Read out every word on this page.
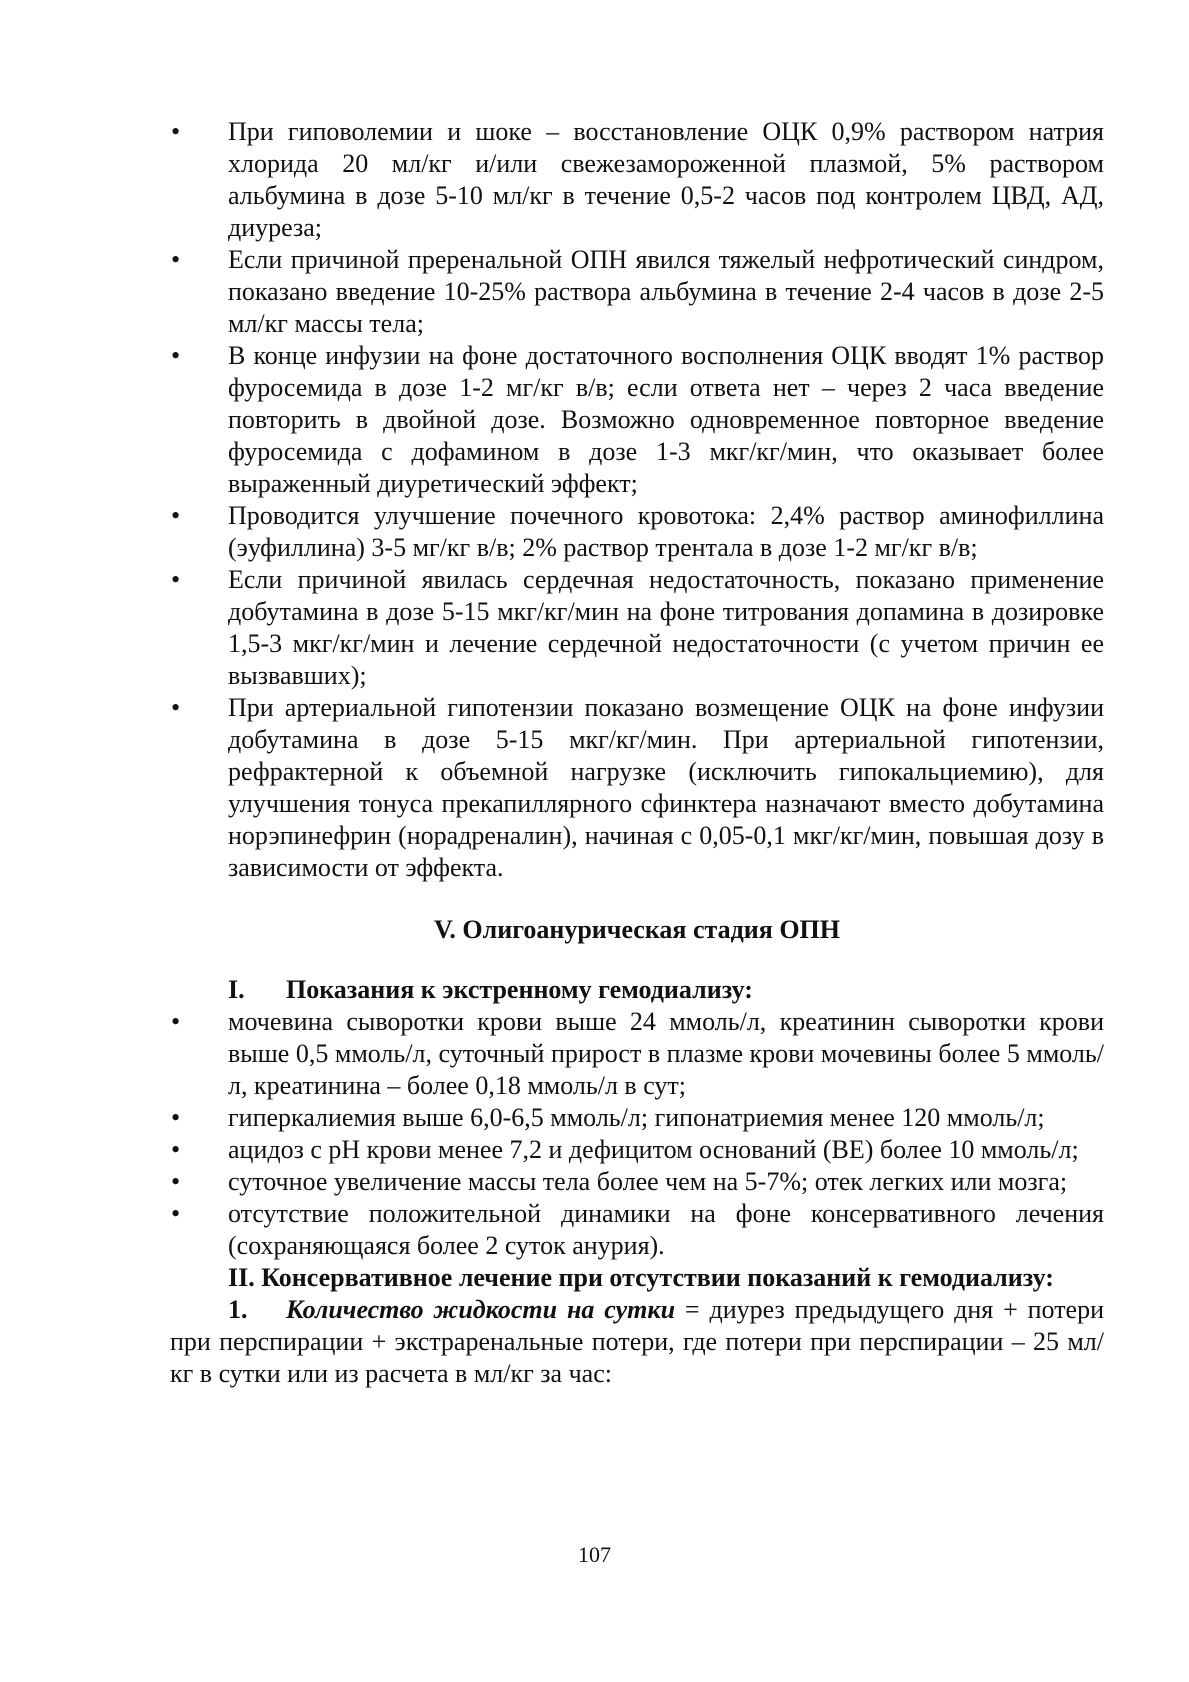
• При гиповолемии и шоке – восстановление ОЦК 0,9% раствором натрия хлорида 20 мл/кг и/или свежезамороженной плазмой, 5% раствором альбумина в дозе 5-10 мл/кг в течение 0,5-2 часов под контролем ЦВД, АД, диуреза;
• Если причиной преренальной ОПН явился тяжелый нефротический синдром, показано введение 10-25% раствора альбумина в течение 2-4 часов в дозе 2-5 мл/кг массы тела;
• В конце инфузии на фоне достаточного восполнения ОЦК вводят 1% раствор фуросемида в дозе 1-2 мг/кг в/в; если ответа нет – через 2 часа введение повторить в двойной дозе. Возможно одновременное повторное введение фуросемида с дофамином в дозе 1-3 мкг/кг/мин, что оказывает более выраженный диуретический эффект;
• Проводится улучшение почечного кровотока: 2,4% раствор аминофиллина (эуфиллина) 3-5 мг/кг в/в; 2% раствор трентала в дозе 1-2 мг/кг в/в;
• Если причиной явилась сердечная недостаточность, показано применение добутамина в дозе 5-15 мкг/кг/мин на фоне титрования допамина в дозировке 1,5-3 мкг/кг/мин и лечение сердечной недостаточности (с учетом причин ее вызвавших);
• При артериальной гипотензии показано возмещение ОЦК на фоне инфузии добутамина в дозе 5-15 мкг/кг/мин. При артериальной гипотензии, рефрактерной к объемной нагрузке (исключить гипокальциемию), для улучшения тонуса прекапиллярного сфинктера назначают вместо добутамина норэпинефрин (норадреналин), начиная с 0,05-0,1 мкг/кг/мин, повышая дозу в зависимости от эффекта.

V. Олигоанурическая стадия ОПН

I. Показания к экстренному гемодиализу:

• мочевина сыворотки крови выше 24 ммоль/л, креатинин сыворотки крови выше 0,5 ммоль/л, суточный прирост в плазме крови мочевины более 5 ммоль/л, креатинина – более 0,18 ммоль/л в сут;
• гиперкалиемия выше 6,0-6,5 ммоль/л; гипонатриемия менее 120 ммоль/л;
• ацидоз с pH крови менее 7,2 и дефицитом оснований (BE) более 10 ммоль/л;
• суточное увеличение массы тела более чем на 5-7%; отек легких или мозга;
• отсутствие положительной динамики на фоне консервативного лечения (сохраняющаяся более 2 суток анурия).

II. Консервативное лечение при отсутствии показаний к гемодиализу:

1. Количество жидкости на сутки = диурез предыдущего дня + потери при перспирации + экстраренальные потери, где потери при перспирации – 25 мл/кг в сутки или из расчета в мл/кг за час:

107
